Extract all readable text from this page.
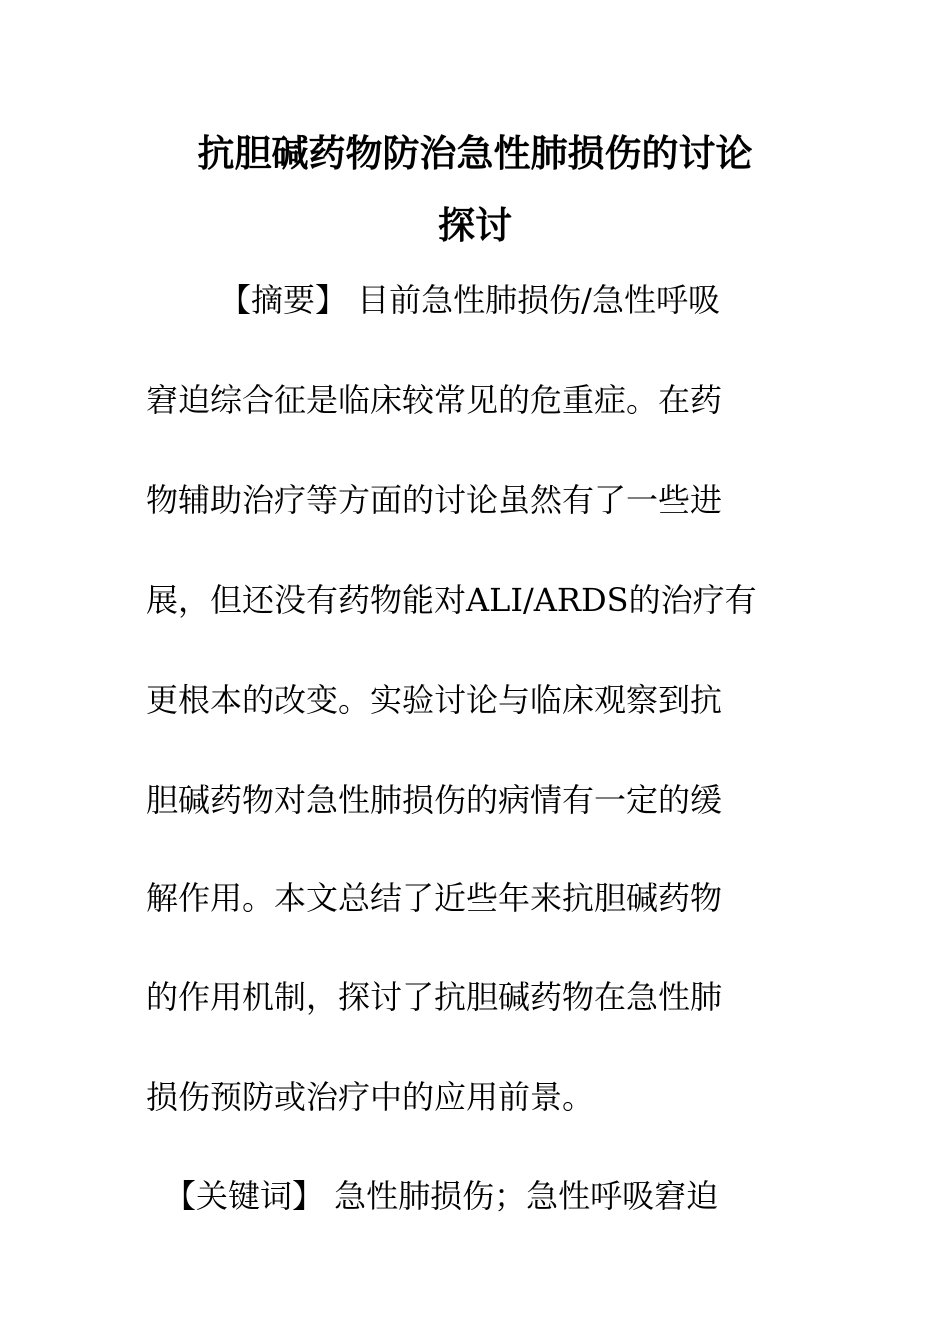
抗胆碱药物防治急性肺损伤的讨论
探讨
【摘要】 目前急性肺损伤/急性呼吸
窘迫综合征是临床较常见的危重症。在药
物辅助治疗等方面的讨论虽然有了一些进
展，但还没有药物能对ALI/ARDS的治疗有
更根本的改变。实验讨论与临床观察到抗
胆碱药物对急性肺损伤的病情有一定的缓
解作用。本文总结了近些年来抗胆碱药物
的作用机制，探讨了抗胆碱药物在急性肺
损伤预防或治疗中的应用前景。
【关键词】 急性肺损伤；急性呼吸窘迫
